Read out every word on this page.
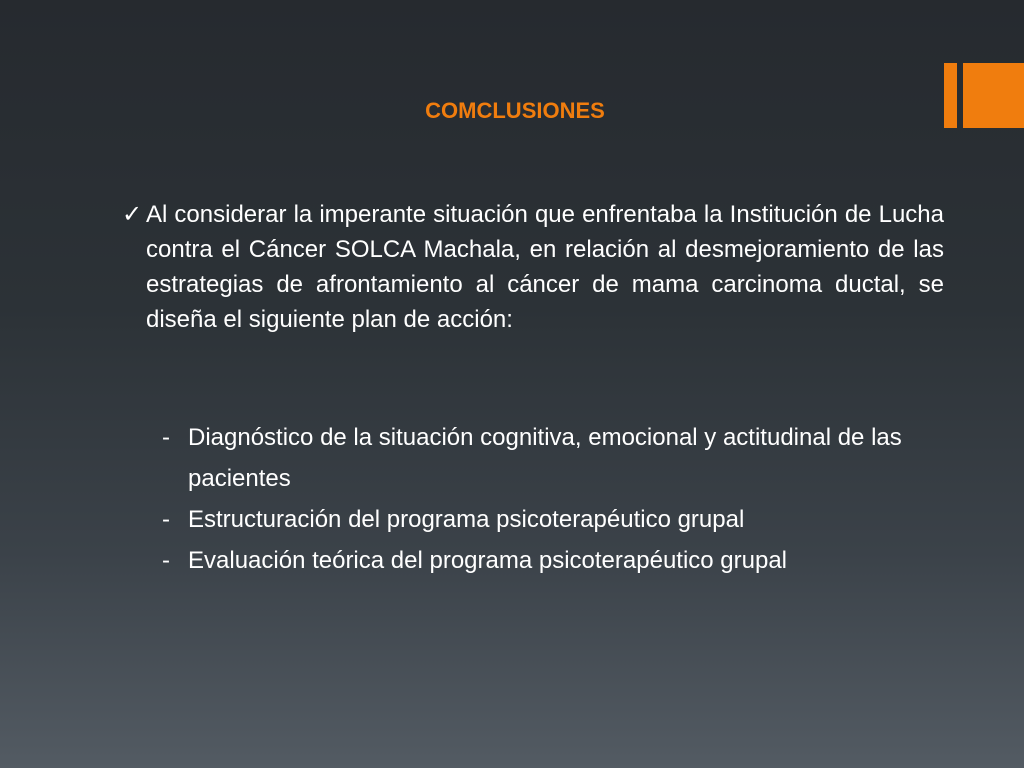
COMCLUSIONES
✓ Al considerar la imperante situación que enfrentaba la Institución de Lucha contra el Cáncer SOLCA Machala, en relación al desmejoramiento de las estrategias de afrontamiento al cáncer de mama carcinoma ductal, se diseña el siguiente plan de acción:
- Diagnóstico de la situación cognitiva, emocional y actitudinal de las pacientes
- Estructuración del programa psicoterapéutico grupal
- Evaluación teórica del programa psicoterapéutico grupal
